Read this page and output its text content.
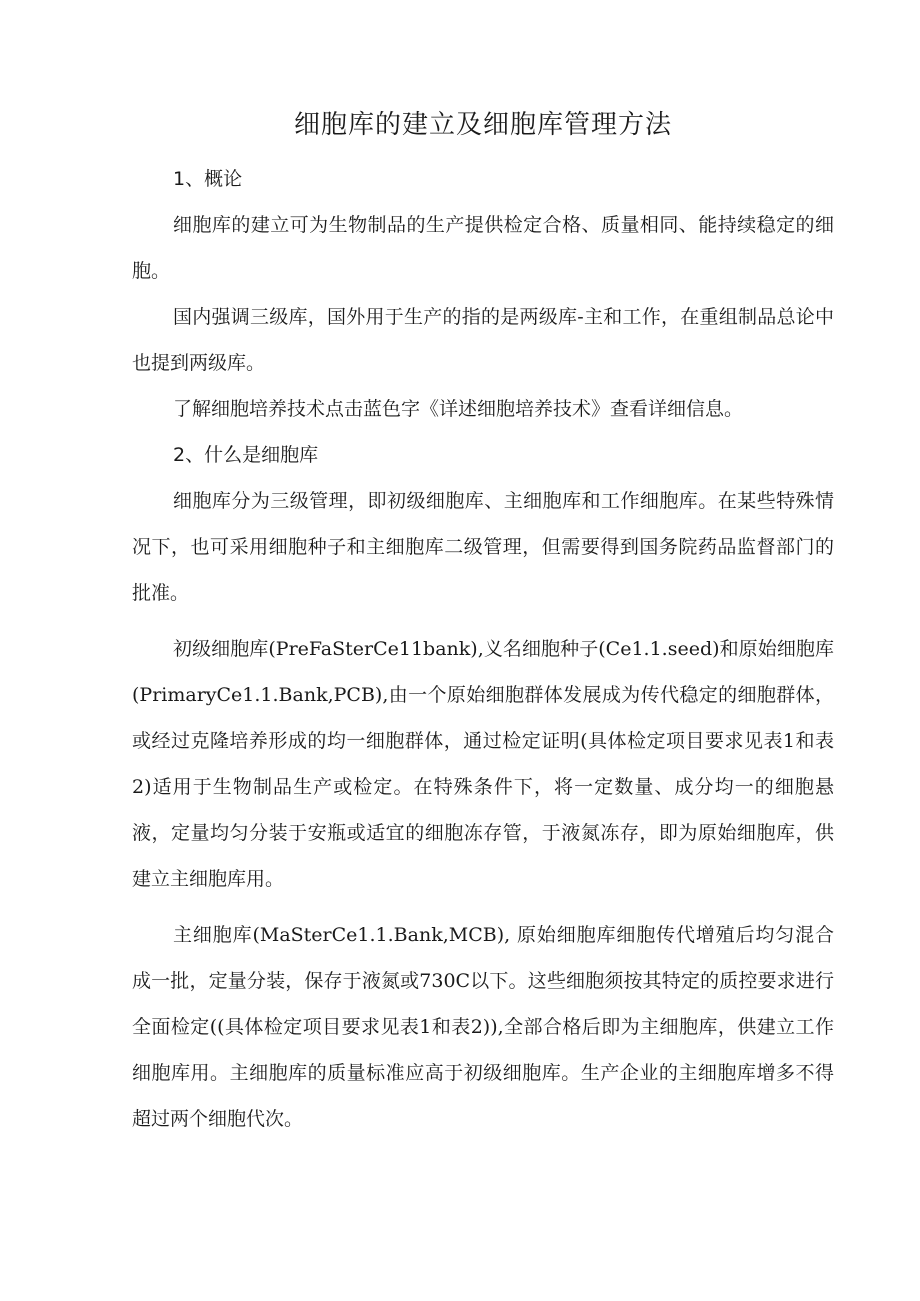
细胞库的建立及细胞库管理方法
1、概论

细胞库的建立可为生物制品的生产提供检定合格、质量相同、能持续稳定的细胞。

国内强调三级库，国外用于生产的指的是两级库-主和工作，在重组制品总论中也提到两级库。

了解细胞培养技术点击蓝色字《详述细胞培养技术》查看详细信息。

2、什么是细胞库

细胞库分为三级管理，即初级细胞库、主细胞库和工作细胞库。在某些特殊情况下，也可采用细胞种子和主细胞库二级管理，但需要得到国务院药品监督部门的批准。

初级细胞库(PreFaSterCe11bank),义名细胞种子(Ce1.1.seed)和原始细胞库(PrimaryCe1.1.Bank,PCB),由一个原始细胞群体发展成为传代稳定的细胞群体，或经过克隆培养形成的均一细胞群体，通过检定证明(具体检定项目要求见表1和表2)适用于生物制品生产或检定。在特殊条件下，将一定数量、成分均一的细胞悬液，定量均匀分装于安瓶或适宜的细胞冻存管，于液氮冻存，即为原始细胞库，供建立主细胞库用。

主细胞库(MaSterCe1.1.Bank,MCB), 原始细胞库细胞传代增殖后均匀混合成一批，定量分装，保存于液氮或730C以下。这些细胞须按其特定的质控要求进行全面检定((具体检定项目要求见表1和表2)),全部合格后即为主细胞库，供建立工作细胞库用。主细胞库的质量标准应高于初级细胞库。生产企业的主细胞库增多不得超过两个细胞代次。
